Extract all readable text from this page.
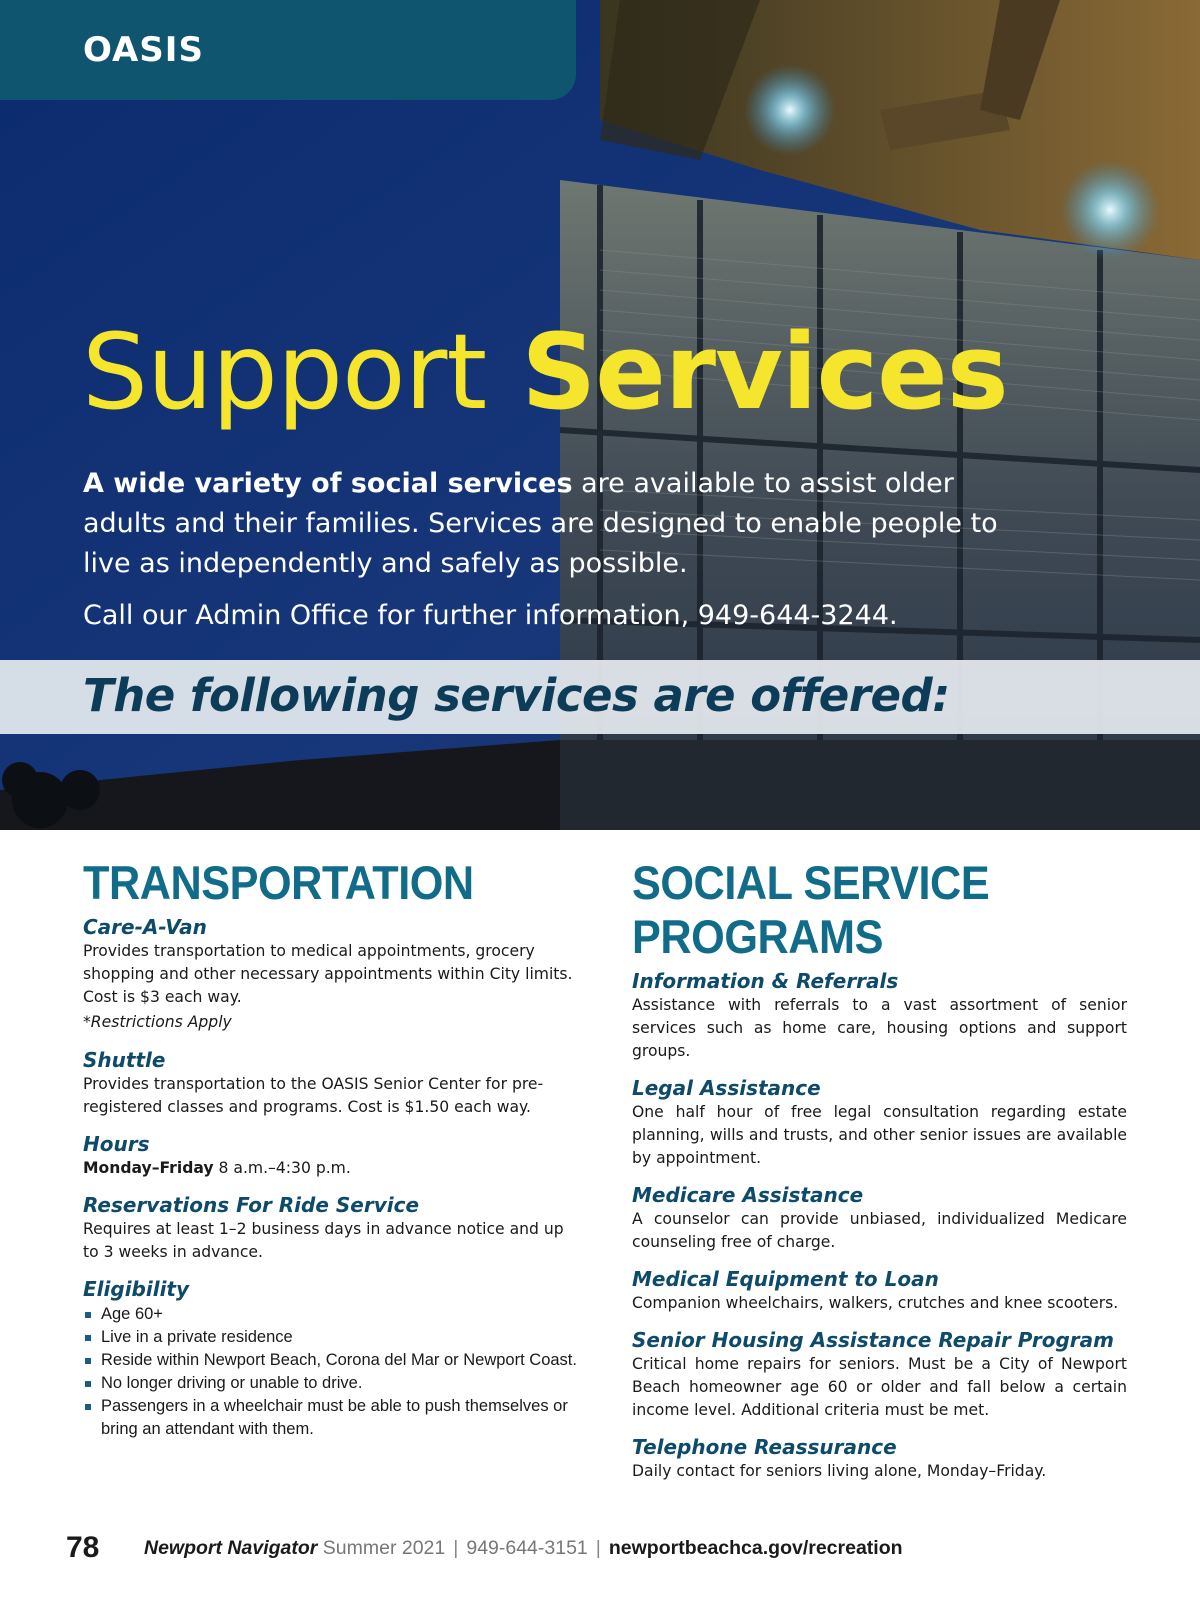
OASIS
Support Services

A wide variety of social services are available to assist older adults and their families. Services are designed to enable people to live as independently and safely as possible.

Call our Admin Office for further information, 949-644-3244.

The following services are offered:
TRANSPORTATION
Care-A-Van

Provides transportation to medical appointments, grocery shopping and other necessary appointments within City limits. Cost is $3 each way.

*Restrictions Apply

Shuttle

Provides transportation to the OASIS Senior Center for pre-registered classes and programs. Cost is $1.50 each way.

Hours

Monday–Friday 8 a.m.–4:30 p.m.

Reservations For Ride Service

Requires at least 1–2 business days in advance notice and up to 3 weeks in advance.

Eligibility
Age 60+
Live in a private residence
Reside within Newport Beach, Corona del Mar or Newport Coast.
No longer driving or unable to drive.
Passengers in a wheelchair must be able to push themselves or bring an attendant with them.
SOCIAL SERVICE
PROGRAMS
Information & Referrals

Assistance with referrals to a vast assortment of senior services such as home care, housing options and support groups.

Legal Assistance

One half hour of free legal consultation regarding estate planning, wills and trusts, and other senior issues are available by appointment.

Medicare Assistance

A counselor can provide unbiased, individualized Medicare counseling free of charge.

Medical Equipment to Loan

Companion wheelchairs, walkers, crutches and knee scooters.

Senior Housing Assistance Repair Program

Critical home repairs for seniors. Must be a City of Newport Beach homeowner age 60 or older and fall below a certain income level. Additional criteria must be met.

Telephone Reassurance

Daily contact for seniors living alone, Monday–Friday.

78 Newport Navigator Summer 2021 | 949-644-3151 | newportbeachca.gov/recreation
